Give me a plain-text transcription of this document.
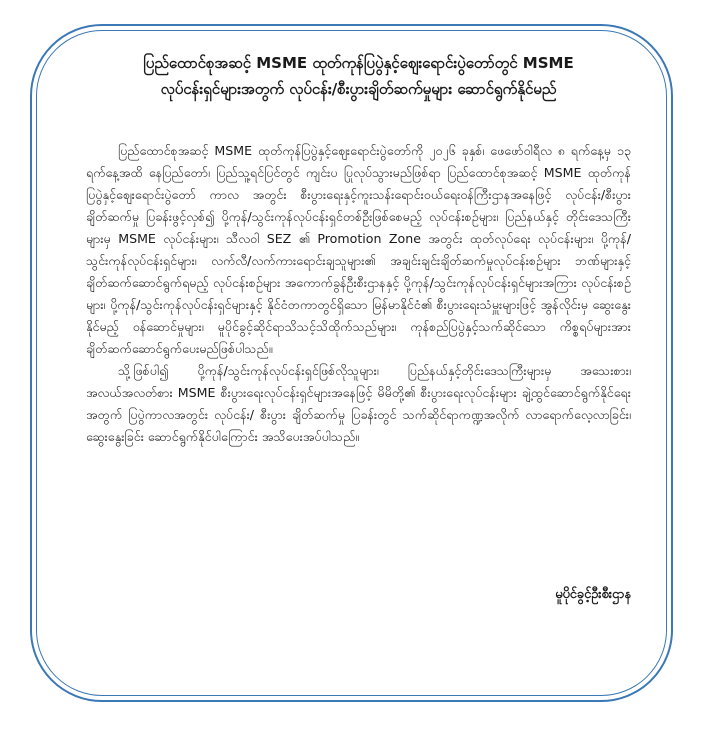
ပြည်ထောင်စုအဆင့် MSME ထုတ်ကုန်ပြပွဲနှင့်ဈေးရောင်းပွဲတော်တွင် MSME
လုပ်ငန်းရှင်များအတွက် လုပ်ငန်း/စီးပွားချိတ်ဆက်မှုများ ဆောင်ရွက်နိုင်မည်

ပြည်ထောင်စုအဆင့် MSME ထုတ်ကုန်ပြပွဲနှင့်ဈေးရောင်းပွဲတော်ကို ၂၀၂၆ ခုနှစ်၊ ဖေဖော်ဝါရီလ ၈ ရက်နေ့မှ ၁၃ ရက်နေ့အထိ နေပြည်တော်၊ ပြည်သူ့ရင်ပြင်တွင် ကျင်းပ ပြုလုပ်သွားမည်ဖြစ်ရာ ပြည်ထောင်စုအဆင့် MSME ထုတ်ကုန်ပြပွဲနှင့်ဈေးရောင်းပွဲတော် ကာလ အတွင်း စီးပွားရေးနှင့်ကူးသန်းရောင်းဝယ်ရေးဝန်ကြီးဌာနအနေဖြင့် လုပ်ငန်း/စီးပွား ချိတ်ဆက်မှု ပြခန်းဖွင့်လှစ်၍ ပို့ကုန်/သွင်းကုန်လုပ်ငန်းရှင်တစ်ဦးဖြစ်စေမည့် လုပ်ငန်းစဉ်များ၊ ပြည်နယ်နှင့် တိုင်းဒေသကြီးများမှ MSME လုပ်ငန်းများ၊ သီလဝါ SEZ ၏ Promotion Zone အတွင်း ထုတ်လုပ်ရေး လုပ်ငန်းများ၊ ပို့ကုန်/သွင်းကုန်လုပ်ငန်းရှင်များ၊ လက်လီ/လက်ကားရောင်းချသူများ၏ အချင်းချင်းချိတ်ဆက်မှုလုပ်ငန်းစဉ်များ ဘဏ်များနှင့် ချိတ်ဆက်ဆောင်ရွက်ရမည့် လုပ်ငန်းစဉ်များ အကောက်ခွန်ဦးစီးဌာနနှင့် ပို့ကုန်/သွင်းကုန်လုပ်ငန်းရှင်များအကြား လုပ်ငန်းစဉ်များ၊ ပို့ကုန်/သွင်းကုန်လုပ်ငန်းရှင်များနှင့် နိုင်ငံတကာတွင်ရှိသော မြန်မာနိုင်ငံ၏ စီးပွားရေးသံမှူးများဖြင့် အွန်လိုင်းမှ ဆွေးနွေးနိုင်မည့် ဝန်ဆောင်မှုများ၊ မူပိုင်ခွင့်ဆိုင်ရာသိသင့်သိထိုက်သည်များ၊ ကုန်စည်ပြပွဲနှင့်သက်ဆိုင်သော ကိစ္စရပ်များအား ချိတ်ဆက်ဆောင်ရွက်ပေးမည်ဖြစ်ပါသည်။

သို့ဖြစ်ပါ၍ ပို့ကုန်/သွင်းကုန်လုပ်ငန်းရှင်ဖြစ်လိုသူများ၊ ပြည်နယ်နှင့်တိုင်းဒေသကြီးများမှ အသေးစား၊ အလယ်အလတ်စား MSME စီးပွားရေးလုပ်ငန်းရှင်များအနေဖြင့် မိမိတို့၏ စီးပွားရေးလုပ်ငန်းများ ချဲ့ထွင်ဆောင်ရွက်နိုင်ရေးအတွက် ပြပွဲကာလအတွင်း လုပ်ငန်း/ စီးပွား ချိတ်ဆက်မှု ပြခန်းတွင် သက်ဆိုင်ရာကဏ္ဍအလိုက် လာရောက်လေ့လာခြင်း၊ ဆွေးနွေးခြင်း ဆောင်ရွက်နိုင်ပါကြောင်း အသိပေးအပ်ပါသည်။

မူပိုင်ခွင့်ဦးစီးဌာန
